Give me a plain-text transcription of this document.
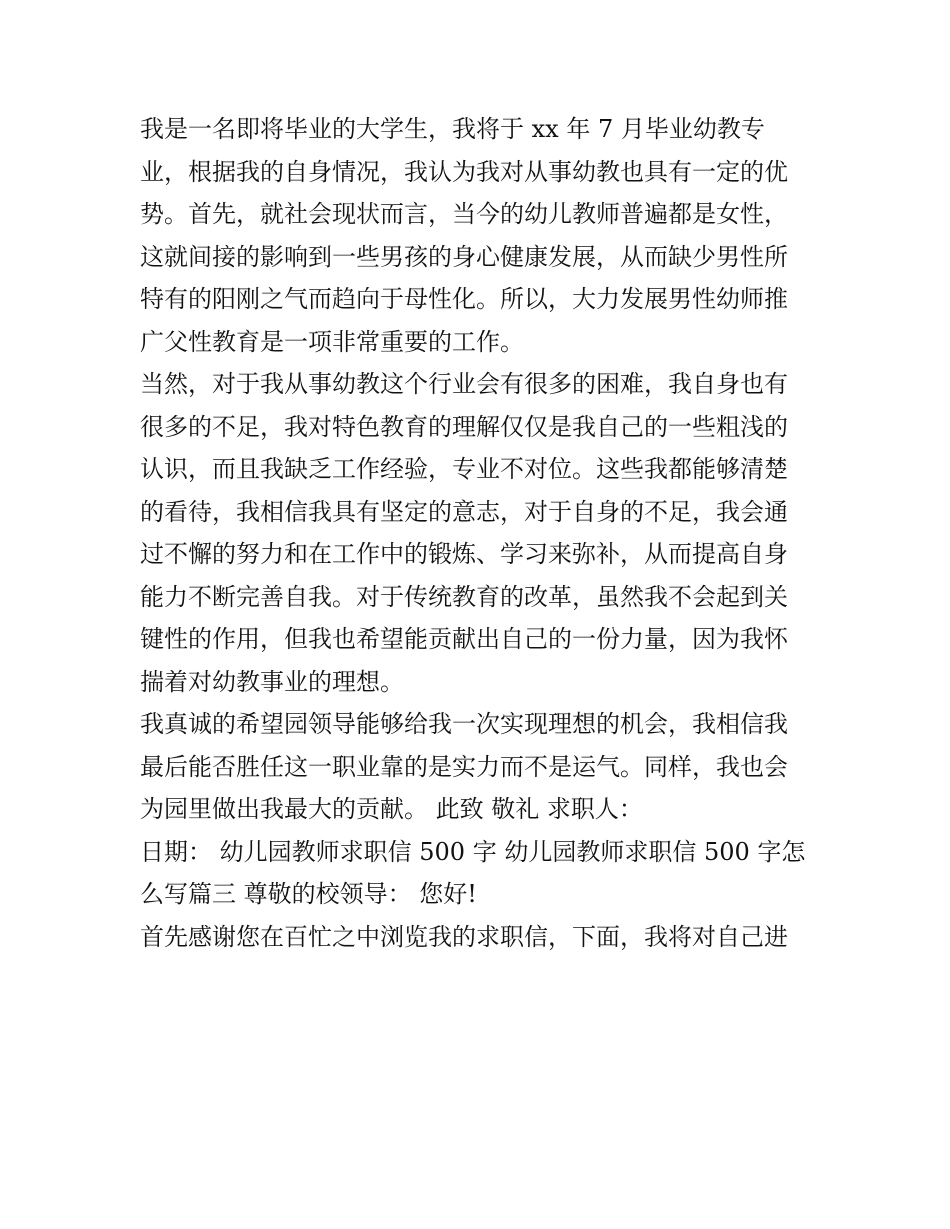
我是一名即将毕业的大学生，我将于 xx 年 7 月毕业幼教专
业，根据我的自身情况，我认为我对从事幼教也具有一定的优
势。首先，就社会现状而言，当今的幼儿教师普遍都是女性，
这就间接的影响到一些男孩的身心健康发展，从而缺少男性所
特有的阳刚之气而趋向于母性化。所以，大力发展男性幼师推
广父性教育是一项非常重要的工作。
当然，对于我从事幼教这个行业会有很多的困难，我自身也有
很多的不足，我对特色教育的理解仅仅是我自己的一些粗浅的
认识，而且我缺乏工作经验，专业不对位。这些我都能够清楚
的看待，我相信我具有坚定的意志，对于自身的不足，我会通
过不懈的努力和在工作中的锻炼、学习来弥补，从而提高自身
能力不断完善自我。对于传统教育的改革，虽然我不会起到关
键性的作用，但我也希望能贡献出自己的一份力量，因为我怀
揣着对幼教事业的理想。
我真诚的希望园领导能够给我一次实现理想的机会，我相信我
最后能否胜任这一职业靠的是实力而不是运气。同样，我也会
为园里做出我最大的贡献。 此致 敬礼 求职人：
日期： 幼儿园教师求职信 500 字 幼儿园教师求职信 500 字怎
么写篇三 尊敬的校领导： 您好!
首先感谢您在百忙之中浏览我的求职信，下面，我将对自己进
